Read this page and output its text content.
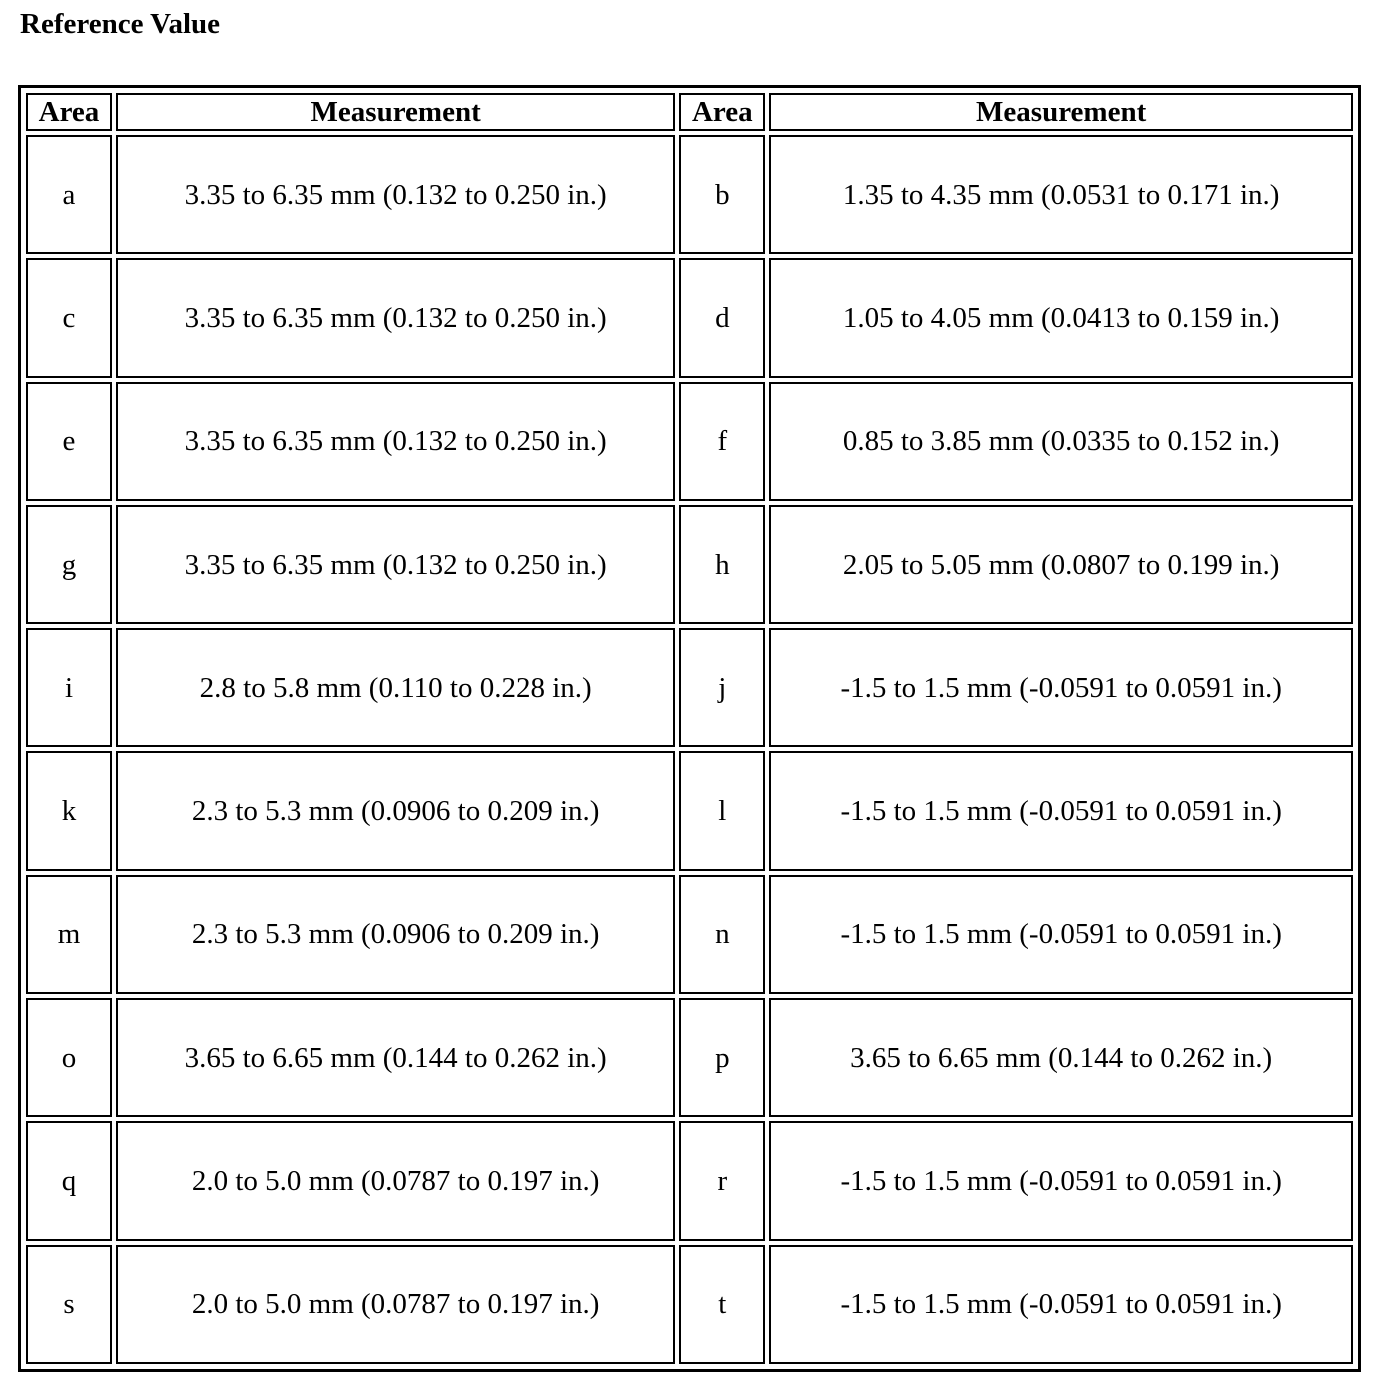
Reference Value
Area	Measurement	Area	Measurement
a	3.35 to 6.35 mm (0.132 to 0.250 in.)	b	1.35 to 4.35 mm (0.0531 to 0.171 in.)
c	3.35 to 6.35 mm (0.132 to 0.250 in.)	d	1.05 to 4.05 mm (0.0413 to 0.159 in.)
e	3.35 to 6.35 mm (0.132 to 0.250 in.)	f	0.85 to 3.85 mm (0.0335 to 0.152 in.)
g	3.35 to 6.35 mm (0.132 to 0.250 in.)	h	2.05 to 5.05 mm (0.0807 to 0.199 in.)
i	2.8 to 5.8 mm (0.110 to 0.228 in.)	j	-1.5 to 1.5 mm (-0.0591 to 0.0591 in.)
k	2.3 to 5.3 mm (0.0906 to 0.209 in.)	l	-1.5 to 1.5 mm (-0.0591 to 0.0591 in.)
m	2.3 to 5.3 mm (0.0906 to 0.209 in.)	n	-1.5 to 1.5 mm (-0.0591 to 0.0591 in.)
o	3.65 to 6.65 mm (0.144 to 0.262 in.)	p	3.65 to 6.65 mm (0.144 to 0.262 in.)
q	2.0 to 5.0 mm (0.0787 to 0.197 in.)	r	-1.5 to 1.5 mm (-0.0591 to 0.0591 in.)
s	2.0 to 5.0 mm (0.0787 to 0.197 in.)	t	-1.5 to 1.5 mm (-0.0591 to 0.0591 in.)
